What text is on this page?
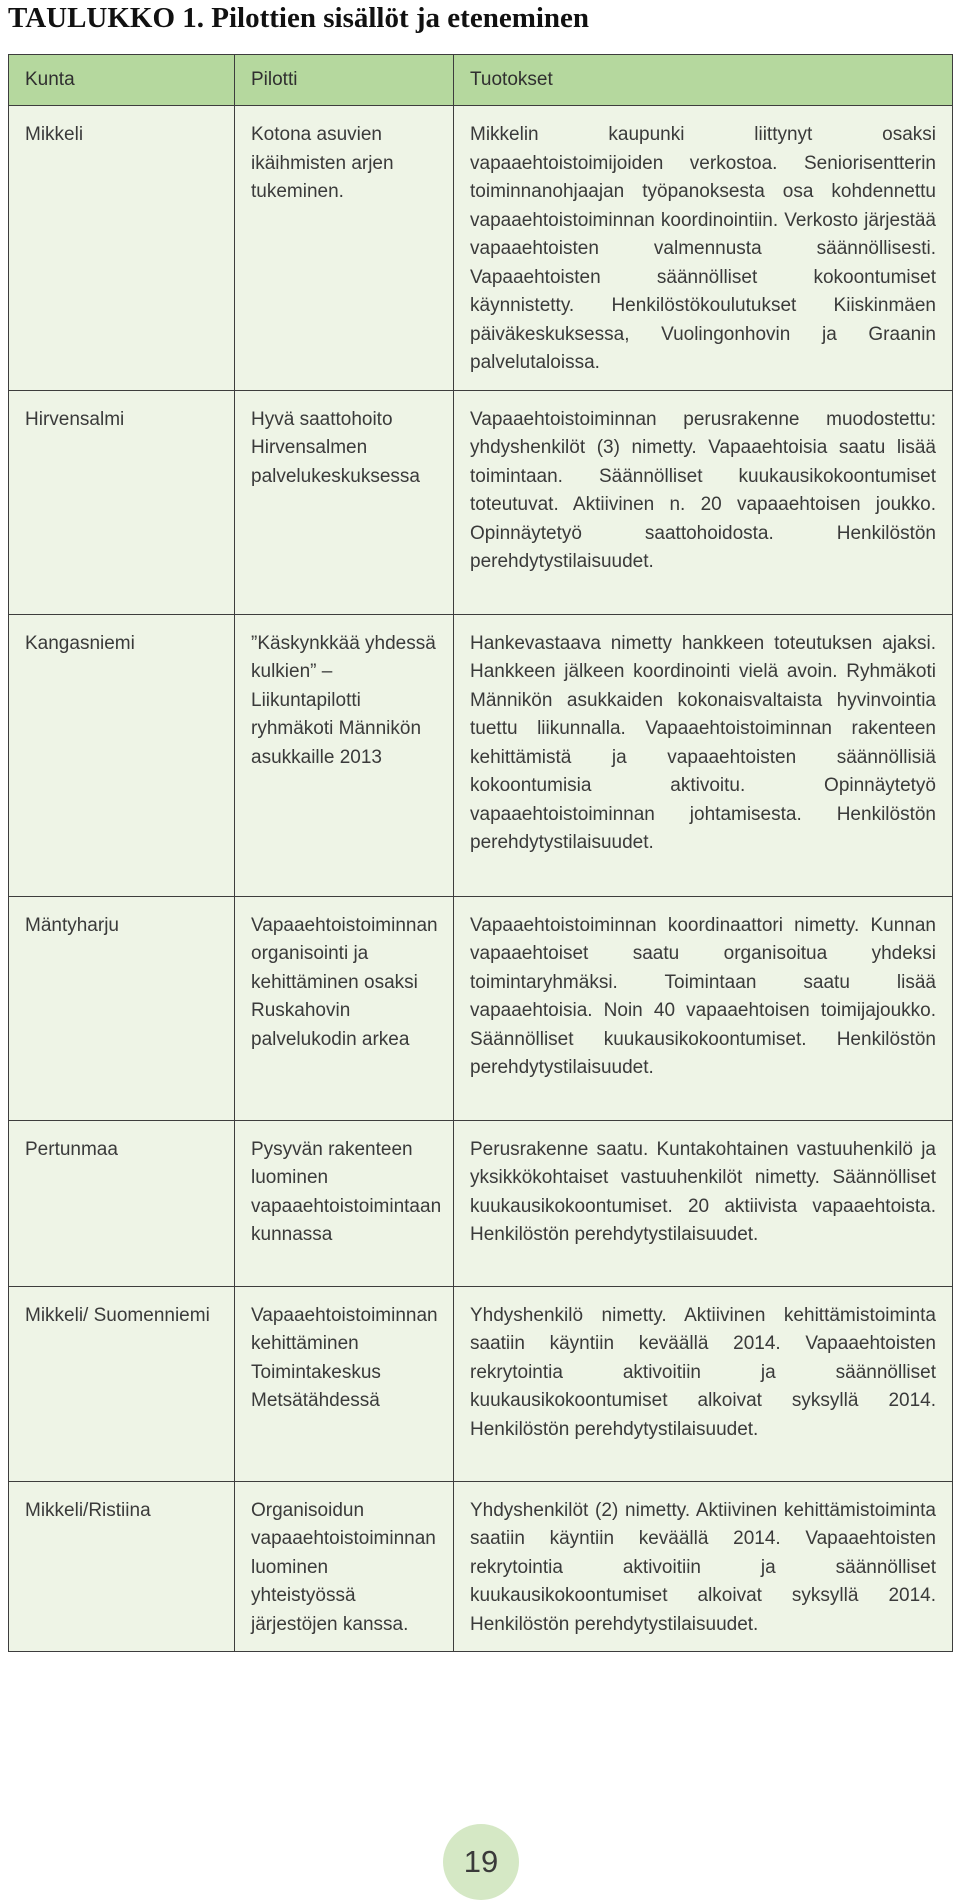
TAULUKKO 1. Pilottien sisällöt ja eteneminen
Kunta	Pilotti	Tuotokset
Mikkeli	Kotona asuvien ikäihmisten arjen tukeminen.	Mikkelin kaupunki liittynyt osaksi vapaaehtoistoimijoiden verkostoa. Seniorisentterin toiminnanohjaajan työpanoksesta osa kohdennettu vapaaehtoistoiminnan koordinointiin. Verkosto järjestää vapaaehtoisten valmennusta säännöllisesti. Vapaaehtoisten säännölliset kokoontumiset käynnistetty. Henkilöstökoulutukset Kiiskinmäen päiväkeskuksessa, Vuolingonhovin ja Graanin palvelutaloissa.
Hirvensalmi	Hyvä saattohoito Hirvensalmen palvelukeskuksessa	Vapaaehtoistoiminnan perusrakenne muodostettu: yhdyshenkilöt (3) nimetty. Vapaaehtoisia saatu lisää toimintaan. Säännölliset kuukausikokoontumiset toteutuvat. Aktiivinen n. 20 vapaaehtoisen joukko. Opinnäytetyö saattohoidosta. Henkilöstön perehdytystilaisuudet.
Kangasniemi	”Käskynkkää yhdessä kulkien” – Liikuntapilotti ryhmäkoti Männikön asukkaille 2013	Hankevastaava nimetty hankkeen toteutuksen ajaksi. Hankkeen jälkeen koordinointi vielä avoin. Ryhmäkoti Männikön asukkaiden kokonaisvaltaista hyvinvointia tuettu liikunnalla. Vapaaehtoistoiminnan rakenteen kehittämistä ja vapaaehtoisten säännöllisiä kokoontumisia aktivoitu. Opinnäytetyö vapaaehtoistoiminnan johtamisesta. Henkilöstön perehdytystilaisuudet.
Mäntyharju	Vapaaehtoistoiminnan organisointi ja kehittäminen osaksi Ruskahovin palvelukodin arkea	Vapaaehtoistoiminnan koordinaattori nimetty. Kunnan vapaaehtoiset saatu organisoitua yhdeksi toimintaryhmäksi. Toimintaan saatu lisää vapaaehtoisia. Noin 40 vapaaehtoisen toimijajoukko. Säännölliset kuukausikokoontumiset. Henkilöstön perehdytystilaisuudet.
Pertunmaa	Pysyvän rakenteen luominen vapaaehtoistoimintaan kunnassa	Perusrakenne saatu. Kuntakohtainen vastuuhenkilö ja yksikkökohtaiset vastuuhenkilöt nimetty. Säännölliset kuukausikokoontumiset. 20 aktiivista vapaaehtoista. Henkilöstön perehdytystilaisuudet.
Mikkeli/ Suomenniemi	Vapaaehtoistoiminnan kehittäminen Toimintakeskus Metsätähdessä	Yhdyshenkilö nimetty. Aktiivinen kehittämistoiminta saatiin käyntiin keväällä 2014. Vapaaehtoisten rekrytointia aktivoitiin ja säännölliset kuukausikokoontumiset alkoivat syksyllä 2014. Henkilöstön perehdytystilaisuudet.
Mikkeli/Ristiina	Organisoidun vapaaehtoistoiminnan luominen yhteistyössä järjestöjen kanssa.	Yhdyshenkilöt (2) nimetty. Aktiivinen kehittämistoiminta saatiin käyntiin keväällä 2014. Vapaaehtoisten rekrytointia aktivoitiin ja säännölliset kuukausikokoontumiset alkoivat syksyllä 2014. Henkilöstön perehdytystilaisuudet.
19
